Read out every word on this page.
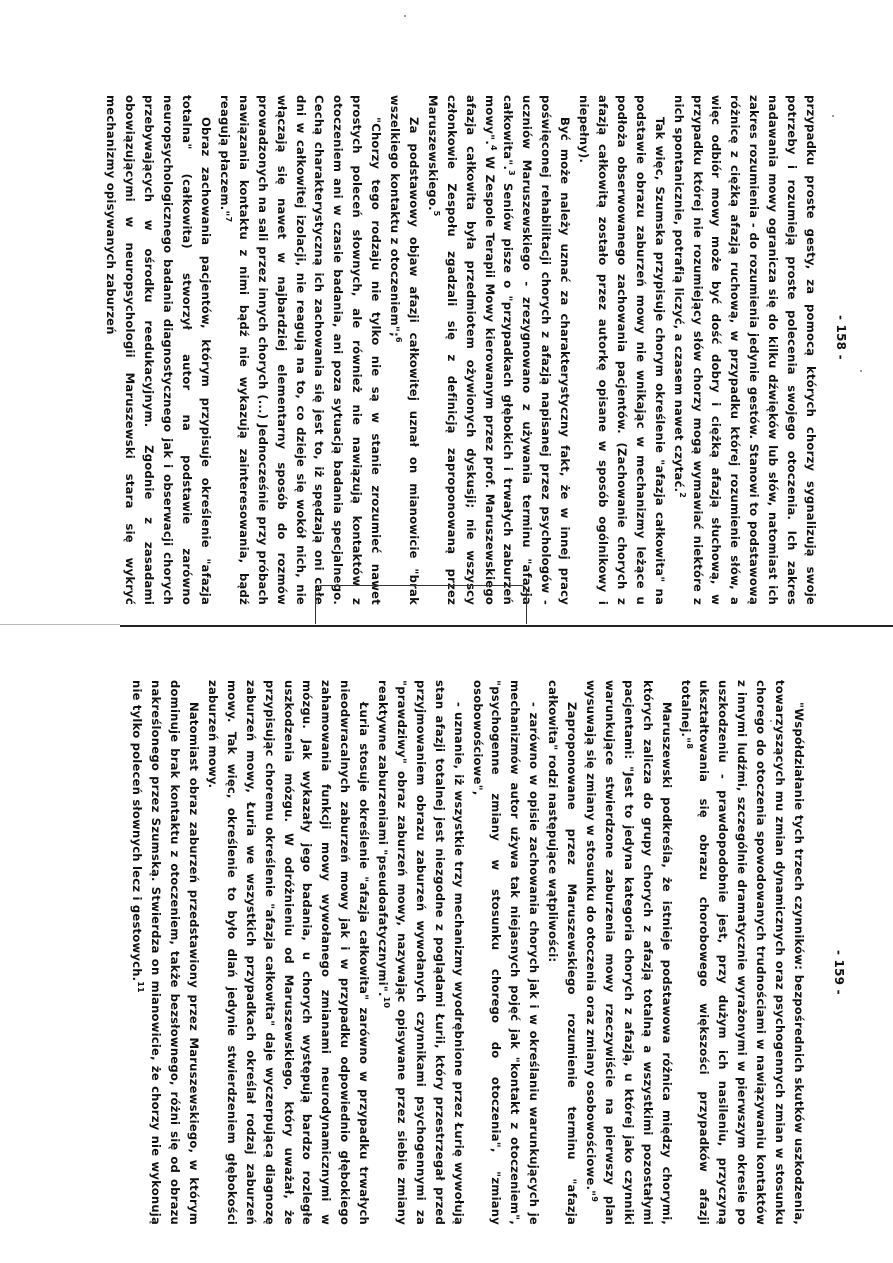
- 158 -

przypadku proste gesty, za pomocą których chorzy sygnalizują swoje potrzeby i rozumieją proste polecenia swojego otoczenia. Ich zakres nadawania mowy ogranicza się do kilku dźwięków lub słów, natomiast ich zakres rozumienia - do rozumienia jedynie gestów. Stanowi to podstawową różnicę z ciężką afazją ruchową, w przypadku której rozumienie słów, a więc odbiór mowy może być dość dobry i ciężką afazją słuchową, w przypadku której nie rozumiejący słów chorzy mogą wymawiać niektóre z nich spontanicznie, potrafią liczyć, a czasem nawet czytać.$^2$

Tak więc, Szumska przypisuje chorym określenie "afazja całkowita" na podstawie obrazu zaburzeń mowy nie wnikając w mechanizmy leżące u podłoża obserwowanego zachowania pacjentów. (Zachowanie chorych z afazją całkowitą zostało przez autorkę opisane w sposób ogólnikowy i niepełny).

Być może należy uznać za charakterystyczny fakt, że w innej pracy poświęconej rehabilitacji chorych z afazją napisanej przez psychologów - uczniów Maruszewskiego - zrezygnowano z używania terminu "afazja całkowita".$^3$ Seniów pisze o "przypadkach głębokich i trwałych zaburzeń mowy".$^4$ W Zespole Terapii Mowy kierowanym przez prof. Maruszewskiego afazja całkowita była przedmiotem ożywionych dyskusji; nie wszyscy członkowie Zespołu zgadzali się z definicją zaproponowaną przez Maruszewskiego.$^5$

Za podstawowy objaw afazji całkowitej uznał on mianowicie "brak wszelkiego kontaktu z otoczeniem";$^6$

"Chorzy tego rodzaju nie tylko nie są w stanie zrozumieć nawet prostych poleceń słownych, ale również nie nawiązują kontaktów z otoczeniem ani w czasie badania, ani poza sytuacją badania specjalnego. Cechą charakterystyczną ich zachowania się jest to, iż spędzają oni całe dni w całkowitej izolacji, nie reagują na to, co dzieje się wokół nich, nie włączają się nawet w najbardziej elementarny sposób do rozmów prowadzonych na sali przez innych chorych (...) Jednocześnie przy próbach nawiązania kontaktu z nimi bądź nie wykazują zainteresowania, bądź reagują płaczem."$^7$

Obraz zachowania pacjentów, którym przypisuje określenie "afazja totalna" (całkowita) stworzył autor na podstawie zarówno neuropsychologicznego badania diagnostycznego jak i obserwacji chorych przebywających w ośrodku reedukacyjnym. Zgodnie z zasadami obowiązującymi w neuropsychologii Maruszewski stara się wykryć mechanizmy opisywanych zaburzeń

- 159 -

"Współdziałanie tych trzech czynników: bezpośrednich skutków uszkodzenia, towarzyszących mu zmian dynamicznych oraz psychogennych zmian w stosunku chorego do otoczenia spowodowanych trudnościami w nawiązywaniu kontaktów z innymi ludźmi, szczególnie dramatycznie wyrażonymi w pierwszym okresie po uszkodzeniu - prawdopodobnie jest, przy dużym ich nasileniu, przyczyną ukształtowania się obrazu chorobowego większości przypadków afazji totalnej."$^8$

Maruszewski podkreśla, że istnieje podstawowa różnica między chorymi, których zalicza do grupy chorych z afazją totalną a wszystkimi pozostałymi pacjentami: "Jest to jedyna kategoria chorych z afazją, u której jako czynniki warunkujące stwierdzone zaburzenia mowy rzeczywiście na pierwszy plan wysuwają się zmiany w stosunku do otoczenia oraz zmiany osobowościowe."$^9$

Zaproponowane przez Maruszewskiego rozumienie terminu "afazja całkowita" rodzi następujące wątpliwości:

- zarówno w opisie zachowania chorych jak i w określaniu warunkujących je mechanizmów autor używa tak niejasnych pojęć jak "kontakt z otoczeniem", "psychogenne zmiany w stosunku chorego do otoczenia", "zmiany osobowościowe",

- uznanie, iż wszystkie trzy mechanizmy wyodrębnione przez Łurię wywołują stan afazji totalnej jest niezgodne z poglądami Łurii, który przestrzegał przed przyjmowaniem obrazu zaburzeń wywołanych czynnikami psychogennymi za "prawdziwy" obraz zaburzeń mowy, nazywając opisywane przez siebie zmiany reaktywne zaburzeniami "pseudoafatycznymi".$^{10}$

Łuria stosuje określenie "afazja całkowita" zarówno w przypadku trwałych nieodwracalnych zaburzeń mowy jak i w przypadku odpowiednio głębokiego zahamowania funkcji mowy wywołanego zmianami neurodynamicznymi w mózgu. Jak wykazały jego badania, u chorych występują bardzo rozległe uszkodzenia mózgu. W odróżnieniu od Maruszewskiego, który uważał, że przypisując choremu określenie "afazja całkowita" daje wyczerpującą diagnozę zaburzeń mowy, Łuria we wszystkich przypadkach określał rodzaj zaburzeń mowy. Tak więc, określenie to było dlań jedynie stwierdzeniem głębokości zaburzeń mowy.

Natomiast obraz zaburzeń przedstawiony przez Maruszewskiego, w którym dominuje brak kontaktu z otoczeniem, także bezsłownego, różni się od obrazu nakreślonego przez Szumską. Stwierdza on mianowicie, że chorzy nie wykonują nie tylko poleceń słownych lecz i gestowych.$^{11}$
